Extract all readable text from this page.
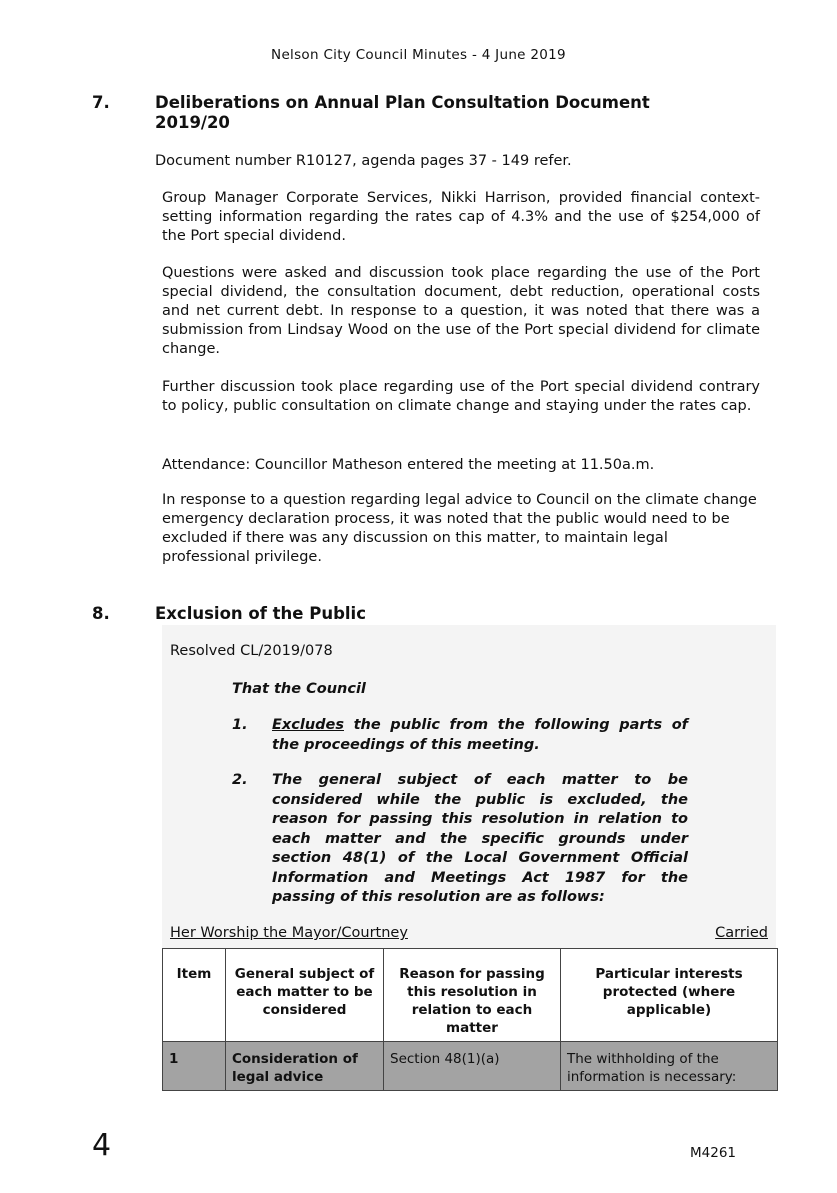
Nelson City Council Minutes - 4 June 2019
7.	Deliberations on Annual Plan Consultation Document
2019/20
Document number R10127, agenda pages 37 - 149 refer.
Group Manager Corporate Services, Nikki Harrison, provided financial context-setting information regarding the rates cap of 4.3% and the use of $254,000 of the Port special dividend.
Questions were asked and discussion took place regarding the use of the Port special dividend, the consultation document, debt reduction, operational costs and net current debt. In response to a question, it was noted that there was a submission from Lindsay Wood on the use of the Port special dividend for climate change.
Further discussion took place regarding use of the Port special dividend contrary to policy, public consultation on climate change and staying under the rates cap.
Attendance: Councillor Matheson entered the meeting at 11.50a.m.
In response to a question regarding legal advice to Council on the climate change emergency declaration process, it was noted that the public would need to be excluded if there was any discussion on this matter, to maintain legal professional privilege.
8.	Exclusion of the Public
Resolved CL/2019/078
That the Council
1. Excludes the public from the following parts of the proceedings of this meeting.
2. The general subject of each matter to be considered while the public is excluded, the reason for passing this resolution in relation to each matter and the specific grounds under section 48(1) of the Local Government Official Information and Meetings Act 1987 for the passing of this resolution are as follows:
Her Worship the Mayor/Courtney	Carried
Item	General subject of each matter to be considered	Reason for passing this resolution in relation to each matter	Particular interests protected (where applicable)
1	Consideration of legal advice	Section 48(1)(a)	The withholding of the information is necessary:
4	M4261
